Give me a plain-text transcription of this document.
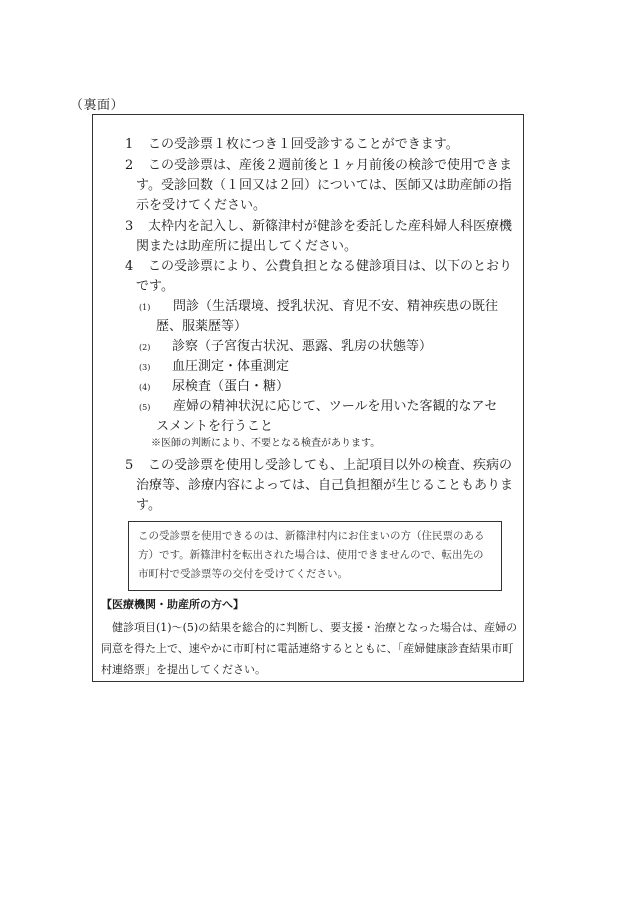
（裏面）
1 この受診票１枚につき１回受診することができます。
2	この受診票は、産後２週前後と１ヶ月前後の検診で使用できます。受診回数（１回又は２回）については、医師又は助産師の指示を受けてください。
3	太枠内を記入し、新篠津村が健診を委託した産科婦人科医療機関または助産所に提出してください。
4	この受診票により、公費負担となる健診項目は、以下のとおりです。
(1)	問診（生活環境、授乳状況、育児不安、精神疾患の既往歴、服薬歴等）
(2) 診察（子宮復古状況、悪露、乳房の状態等）
(3) 血圧測定・体重測定
(4) 尿検査（蛋白・糖）
(5)	産婦の精神状況に応じて、ツールを用いた客観的なアセスメントを行うこと
※医師の判断により、不要となる検査があります。
5	この受診票を使用し受診しても、上記項目以外の検査、疾病の治療等、診療内容によっては、自己負担額が生じることもあります。
この受診票を使用できるのは、新篠津村内にお住まいの方（住民票のある方）です。新篠津村を転出された場合は、使用できませんので、転出先の市町村で受診票等の交付を受けてください。
【医療機関・助産所の方へ】
健診項目(1)～(5)の結果を総合的に判断し、要支援・治療となった場合は、産婦の同意を得た上で、速やかに市町村に電話連絡するとともに、「産婦健康診査結果市町村連絡票」を提出してください。
